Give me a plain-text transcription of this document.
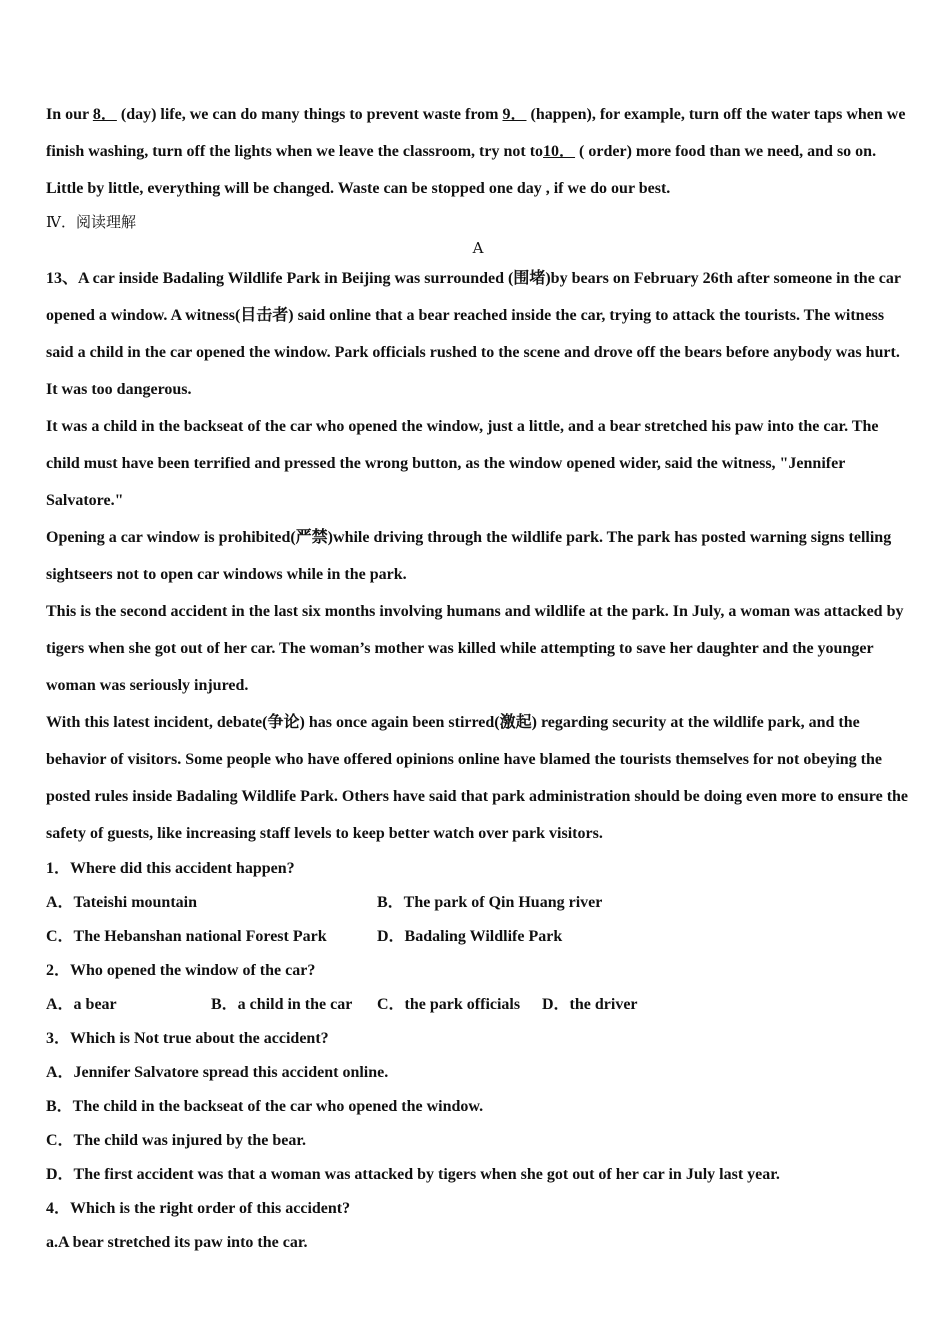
In our 8． (day) life, we can do many things to prevent waste from 9． (happen), for example, turn off the water taps when we finish washing, turn off the lights when we leave the classroom, try not to10． ( order) more food than we need, and so on. Little by little, everything will be changed. Waste can be stopped one day , if we do our best.

Ⅳ．阅读理解

A

13、A car inside Badaling Wildlife Park in Beijing was surrounded (围堵)by bears on February 26th after someone in the car opened a window. A witness(目击者) said online that a bear reached inside the car, trying to attack the tourists. The witness said a child in the car opened the window. Park officials rushed to the scene and drove off the bears before anybody was hurt. It was too dangerous.

It was a child in the backseat of the car who opened the window, just a little, and a bear stretched his paw into the car. The child must have been terrified and pressed the wrong button, as the window opened wider, said the witness, "Jennifer Salvatore."

Opening a car window is prohibited(严禁)while driving through the wildlife park. The park has posted warning signs telling sightseers not to open car windows while in the park.

This is the second accident in the last six months involving humans and wildlife at the park. In July, a woman was attacked by tigers when she got out of her car. The woman’s mother was killed while attempting to save her daughter and the younger woman was seriously injured.

With this latest incident, debate(争论) has once again been stirred(激起) regarding security at the wildlife park, and the behavior of visitors. Some people who have offered opinions online have blamed the tourists themselves for not obeying the posted rules inside Badaling Wildlife Park. Others have said that park administration should be doing even more to ensure the safety of guests, like increasing staff levels to keep better watch over park visitors.

1．Where did this accident happen?

A．Tateishi mountain	B．The park of Qin Huang river
C．The Hebanshan national Forest Park	D．Badaling Wildlife Park

2．Who opened the window of the car?

A．a bear	B．a child in the car	C．the park officials	D．the driver

3．Which is Not true about the accident?

A．Jennifer Salvatore spread this accident online.

B．The child in the backseat of the car who opened the window.

C．The child was injured by the bear.

D．The first accident was that a woman was attacked by tigers when she got out of her car in July last year.

4．Which is the right order of this accident?

a.A bear stretched its paw into the car.
